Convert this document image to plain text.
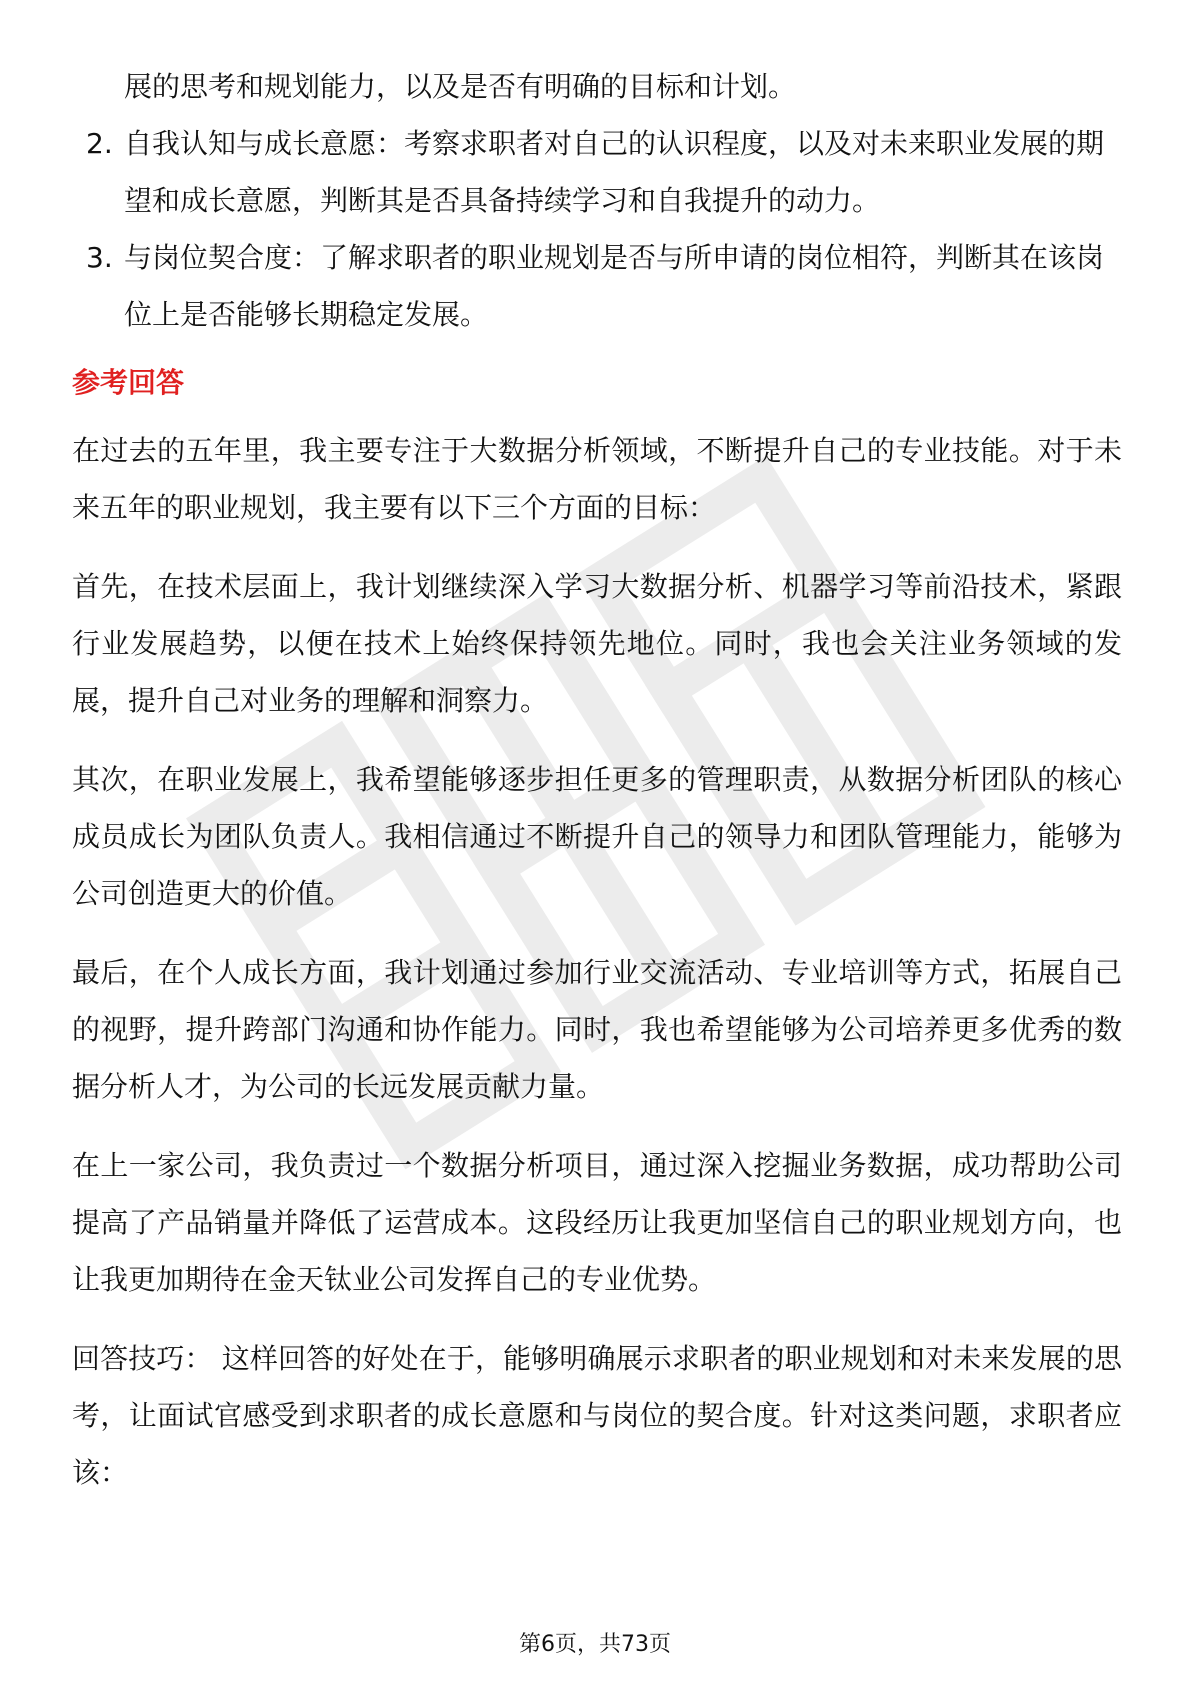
展的思考和规划能力，以及是否有明确的目标和计划。

2. 自我认知与成长意愿：考察求职者对自己的认识程度，以及对未来职业发展的期望和成长意愿，判断其是否具备持续学习和自我提升的动力。
3. 与岗位契合度：了解求职者的职业规划是否与所申请的岗位相符，判断其在该岗位上是否能够长期稳定发展。
参考回答

在过去的五年里，我主要专注于大数据分析领域，不断提升自己的专业技能。对于未来五年的职业规划，我主要有以下三个方面的目标：

首先，在技术层面上，我计划继续深入学习大数据分析、机器学习等前沿技术，紧跟行业发展趋势，以便在技术上始终保持领先地位。同时，我也会关注业务领域的发展，提升自己对业务的理解和洞察力。

其次，在职业发展上，我希望能够逐步担任更多的管理职责，从数据分析团队的核心成员成长为团队负责人。我相信通过不断提升自己的领导力和团队管理能力，能够为公司创造更大的价值。

最后，在个人成长方面，我计划通过参加行业交流活动、专业培训等方式，拓展自己的视野，提升跨部门沟通和协作能力。同时，我也希望能够为公司培养更多优秀的数据分析人才，为公司的长远发展贡献力量。

在上一家公司，我负责过一个数据分析项目，通过深入挖掘业务数据，成功帮助公司提高了产品销量并降低了运营成本。这段经历让我更加坚信自己的职业规划方向，也让我更加期待在金天钛业公司发挥自己的专业优势。

回答技巧： 这样回答的好处在于，能够明确展示求职者的职业规划和对未来发展的思考，让面试官感受到求职者的成长意愿和与岗位的契合度。针对这类问题，求职者应该：

第6页，共73页
